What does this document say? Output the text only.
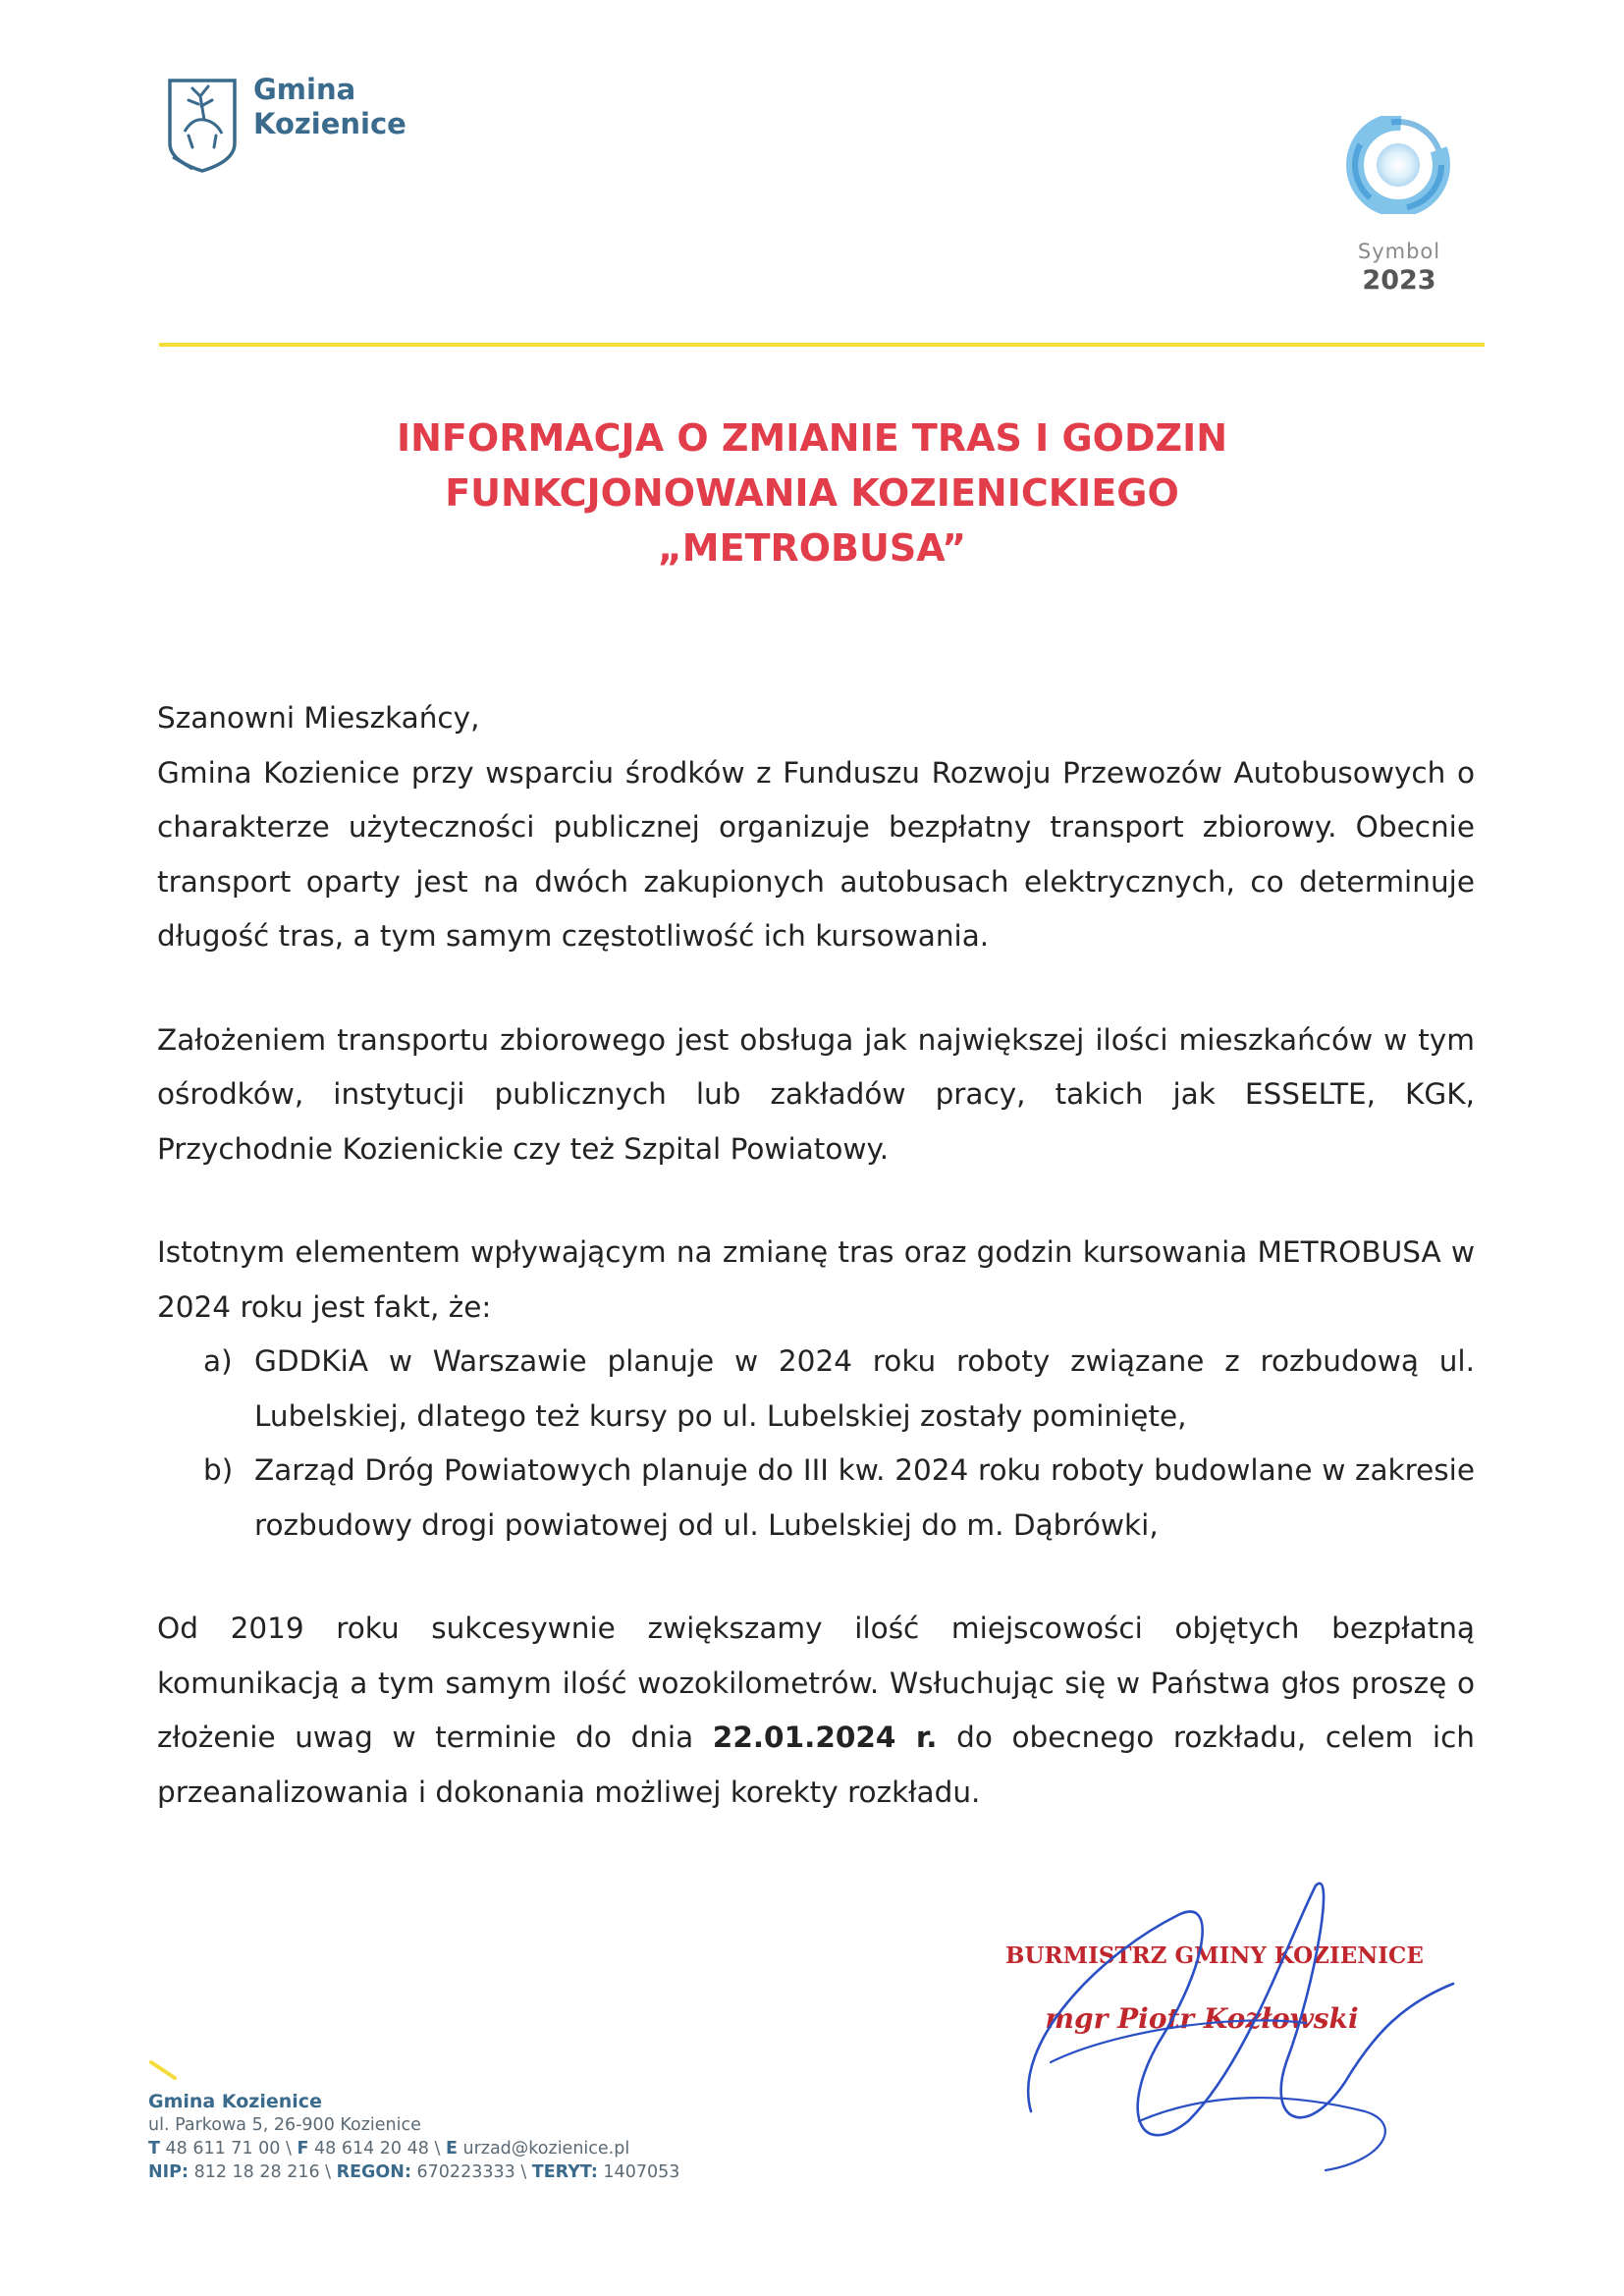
Gmina
Kozienice
Symbol
2023
INFORMACJA O ZMIANIE TRAS I GODZIN
FUNKCJONOWANIA KOZIENICKIEGO
„METROBUSA”

Szanowni Mieszkańcy,

Gmina Kozienice przy wsparciu środków z Funduszu Rozwoju Przewozów Autobusowych o charakterze użyteczności publicznej organizuje bezpłatny transport zbiorowy. Obecnie transport oparty jest na dwóch zakupionych autobusach elektrycznych, co determinuje długość tras, a tym samym częstotliwość ich kursowania.

Założeniem transportu zbiorowego jest obsługa jak największej ilości mieszkańców w tym ośrodków, instytucji publicznych lub zakładów pracy, takich jak ESSELTE, KGK, Przychodnie Kozienickie czy też Szpital Powiatowy.

Istotnym elementem wpływającym na zmianę tras oraz godzin kursowania METROBUSA w 2024 roku jest fakt, że:

a) GDDKiA w Warszawie planuje w 2024 roku roboty związane z rozbudową ul. Lubelskiej, dlatego też kursy po ul. Lubelskiej zostały pominięte,
b) Zarząd Dróg Powiatowych planuje do III kw. 2024 roku roboty budowlane w zakresie rozbudowy drogi powiatowej od ul. Lubelskiej do m. Dąbrówki,

Od 2019 roku sukcesywnie zwiększamy ilość miejscowości objętych bezpłatną komunikacją a tym samym ilość wozokilometrów. Wsłuchując się w Państwa głos proszę o złożenie uwag w terminie do dnia 22.01.2024 r. do obecnego rozkładu, celem ich przeanalizowania i dokonania możliwej korekty rozkładu.

BURMISTRZ GMINY KOZIENICE
mgr Piotr Kozłowski
Gmina Kozienice
ul. Parkowa 5, 26-900 Kozienice
T 48 611 71 00 \ F 48 614 20 48 \ E urzad@kozienice.pl
NIP: 812 18 28 216 \ REGON: 670223333 \ TERYT: 1407053
